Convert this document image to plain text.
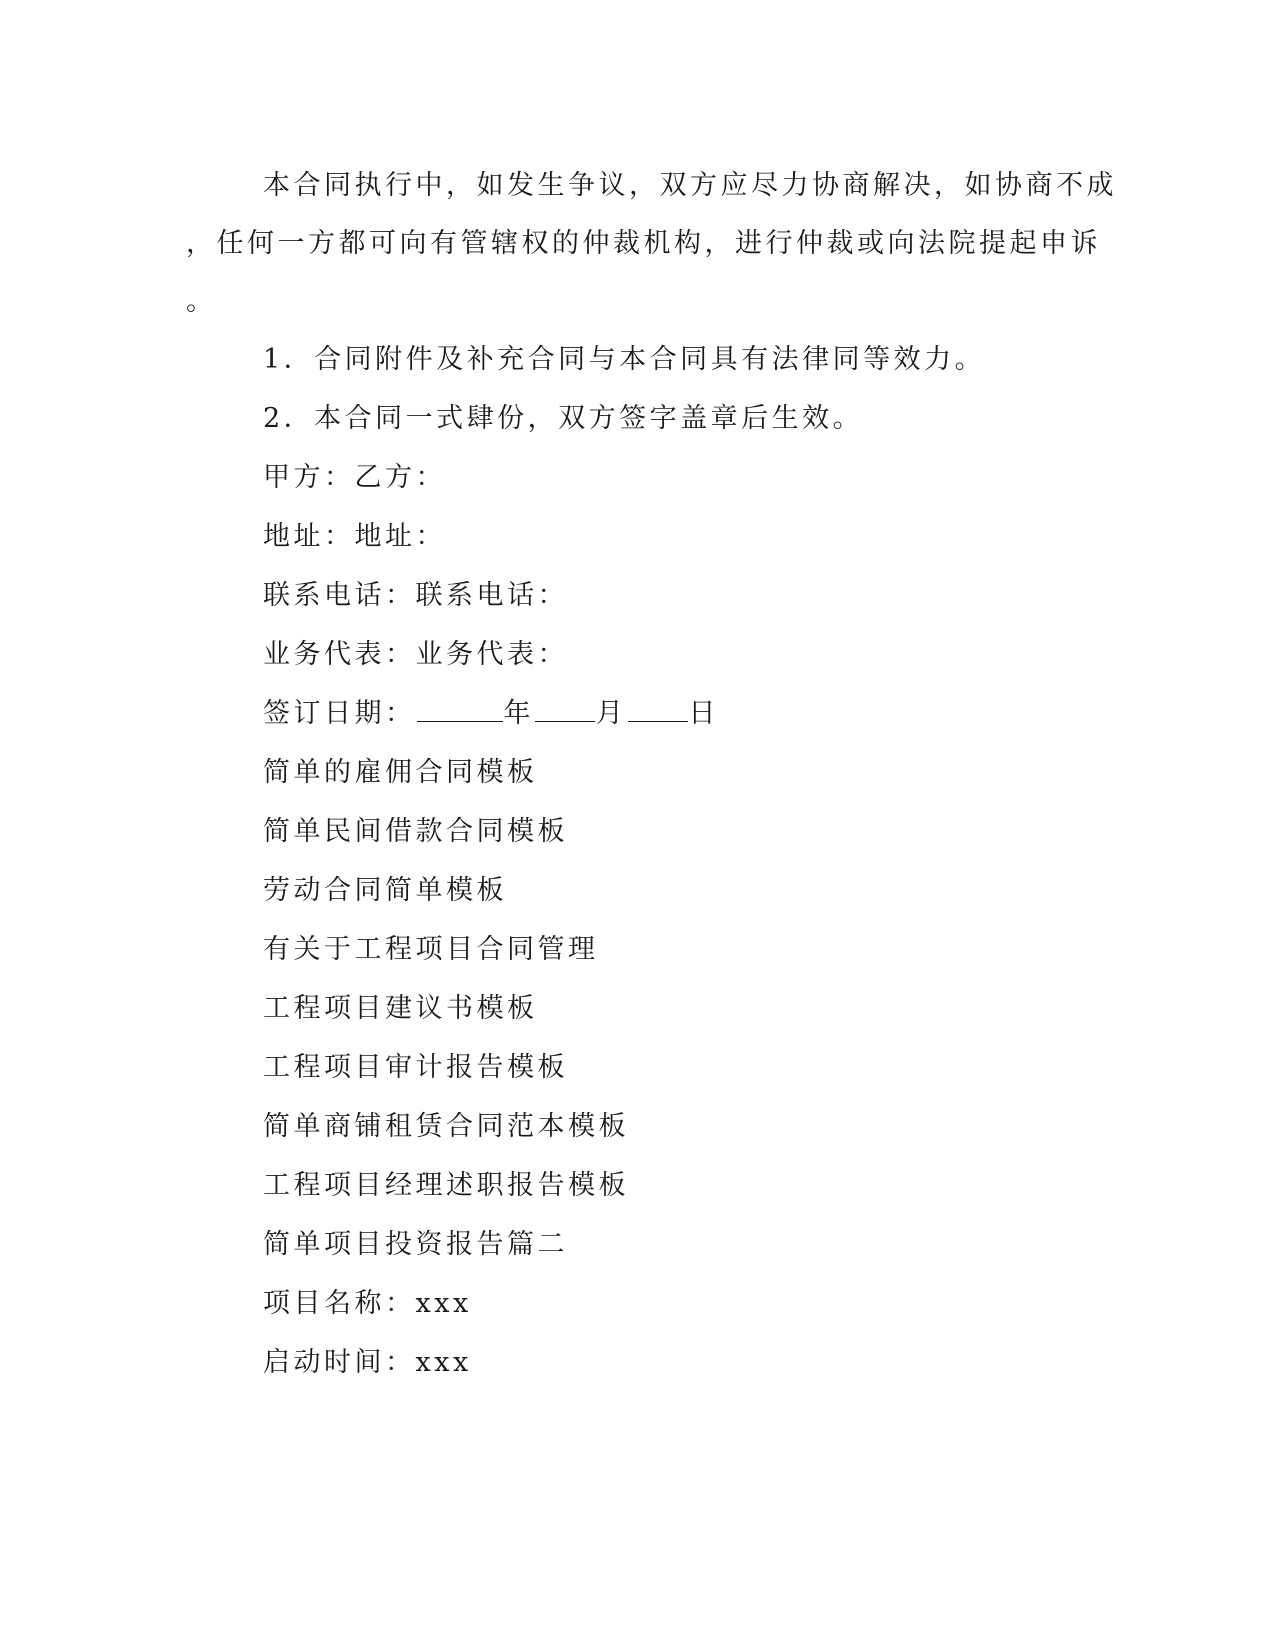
本合同执行中，如发生争议，双方应尽力协商解决，如协商不成
，任何一方都可向有管辖权的仲裁机构，进行仲裁或向法院提起申诉
。
1．合同附件及补充合同与本合同具有法律同等效力。
2．本合同一式肆份，双方签字盖章后生效。
甲方：乙方：
地址：地址：
联系电话：联系电话：
业务代表：业务代表：
签订日期：	年 月 日
简单的雇佣合同模板
简单民间借款合同模板
劳动合同简单模板
有关于工程项目合同管理
工程项目建议书模板
工程项目审计报告模板
简单商铺租赁合同范本模板
工程项目经理述职报告模板
简单项目投资报告篇二
项目名称：xxx
启动时间：xxx
